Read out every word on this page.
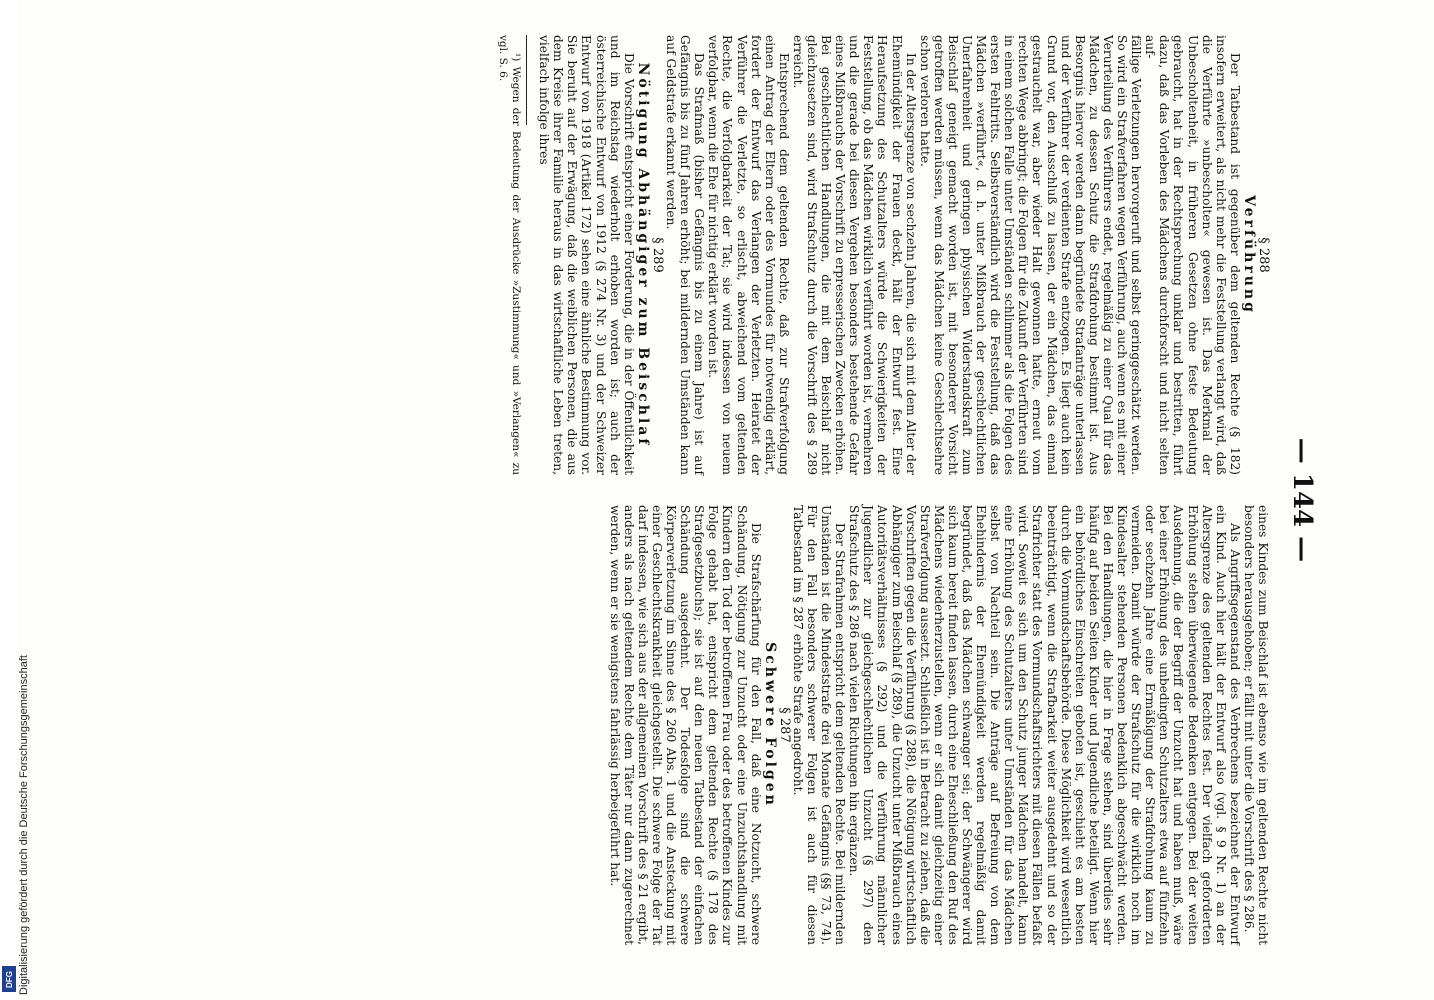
— 144 —

§ 288

Verführung

Der Tatbestand ist gegenüber dem geltenden Rechte (§ 182) insofern erweitert, als nicht mehr die Feststellung verlangt wird, daß die Verführte »unbescholten« gewesen ist. Das Merkmal der Unbescholtenheit, in früheren Gesetzen ohne feste Bedeutung gebraucht, hat in der Rechtsprechung unklar und bestritten, führt dazu, daß das Vorleben des Mädchens durchforscht und nicht selten auf-

fällige Verletzungen hervorgeruft und selbst geringgeschätzt werden. So wird ein Strafverfahren wegen Verführung, auch wenn es mit einer Verurteilung des Verführers endet, regelmäßig zu einer Qual für das Mädchen, zu dessen Schutz die Strafdrohung bestimmt ist. Aus Besorgnis hiervor werden dann begründete Strafanträge unterlassen und der Verführer der verdienten Strafe entzogen. Es liegt auch kein Grund vor, den Ausschluß zu lassen, der ein Mädchen, das einmal gestrauchelt war, aber wieder Halt gewonnen hatte, erneut vom rechten Wege abbringt; die Folgen für die Zukunft der Verführten sind in einem solchen Falle unter Umständen schlimmer als die Folgen des ersten Fehltritts. Selbstverständlich wird die Feststellung, daß das Mädchen »verführt«, d. h. unter Mißbrauch der geschlechtlichen Unerfahrenheit und geringen physischen Widerstandskraft zum Beischlaf geneigt gemacht worden ist, mit besonderer Vorsicht getroffen werden müssen, wenn das Mädchen keine Geschlechtsehre schon verloren hatte.

In der Altersgrenze von sechzehn Jahren, die sich mit dem Alter der Ehemündigkeit der Frauen deckt, hält der Entwurf fest. Eine Heraufsetzung des Schutzalters würde die Schwierigkeiten der Feststellung, ob das Mädchen wirklich verführt worden ist, vermehren und die gerade bei diesen Vergehen besonders bestehende Gefahr eines Mißbrauchs der Vorschrift zu erpresserischen Zwecken erhöhen. Bei geschlechtlichen Handlungen, die mit dem Beischlaf nicht gleichzusetzen sind, wird Strafschutz durch die Vorschrift des § 289 erreicht.

Entsprechend dem geltenden Rechte, daß zur Strafverfolgung einen Antrag der Eltern oder des Vormundes für notwendig erklärt, fordert der Entwurf das Verlangen der Verletzten. Heiratet der Verführer die Verletzte, so erlischt, abweichend vom geltenden Rechte, die Verfolgbarkeit der Tat; sie wird indessen von neuem verfolgbar, wenn die Ehe für nichtig erklärt worden ist.

Das Strafmaß (bisher Gefängnis bis zu einem Jahre) ist auf Gefängnis bis zu fünf Jahren erhöht; bei mildernden Umständen kann auf Geldstrafe erkannt werden.

§ 289

Nötigung Abhängiger zum Beischlaf

Die Vorschrift entspricht einer Forderung, die in der Öffentlichkeit und im Reichstag wiederholt erhoben worden ist; auch der österreichische Entwurf von 1912 (§ 274 Nr. 3) und der Schweizer Entwurf von 1918 (Artikel 172) sehen eine ähnliche Bestimmung vor. Sie beruht auf der Erwägung, daß die weiblichen Personen, die aus dem Kreise ihrer Familie heraus in das wirtschaftliche Leben treten, vielfach infolge ihres

¹) Wegen der Bedeutung der Ausdrücke »Zustimmung« und »Verlangen« zu vgl. S. 6.

eines Kindes zum Beischlaf ist ebenso wie im geltenden Rechte nicht besonders herausgehoben; er fällt mit unter die Vorschrift des § 286.

Als Angriffsgegenstand des Verbrechens bezeichnet der Entwurf ein Kind. Auch hier hält der Entwurf also (vgl. § 9 Nr. 1) an der Altersgrenze des geltenden Rechtes fest. Der vielfach geforderten Erhöhung stehen überwiegende Bedenken entgegen. Bei der weiten Ausdehnung, die der Begriff der Unzucht hat und haben muß, wäre bei einer Erhöhung des unbedingten Schutzalters etwa auf fünfzehn oder sechzehn Jahre eine Ermäßigung der Strafdrohung kaum zu vermeiden. Damit würde der Strafschutz für die wirklich noch im Kindesalter stehenden Personen bedenklich abgeschwächt werden. Bei den Handlungen, die hier in Frage stehen, sind überdies sehr häufig auf beiden Seiten Kinder und Jugendliche beteiligt. Wenn hier ein behördliches Einschreiten geboten ist, geschieht es am besten durch die Vormundschaftsbehörde. Diese Möglichkeit wird wesentlich beeinträchtigt, wenn die Strafbarkeit weiter ausgedehnt und so der Strafrichter statt des Vormundschaftsrichters mit diesen Fällen befaßt wird. Soweit es sich um den Schutz junger Mädchen handelt, kann eine Erhöhung des Schutzalters unter Umständen für das Mädchen selbst von Nachteil sein. Die Anträge auf Befreiung von dem Ehehindernis der Ehemündigkeit werden regelmäßig damit begründet, daß das Mädchen schwanger sei; der Schwängerer wird sich kaum bereit finden lassen, durch eine Eheschließung den Ruf des Mädchens wiederherzustellen, wenn er sich damit gleichzeitig einer Strafverfolgung aussetzt. Schließlich ist in Betracht zu ziehen, daß die Vorschriften gegen die Verführung (§ 288), die Nötigung wirtschaftlich Abhängiger zum Beischlaf (§ 289), die Unzucht unter Mißbrauch eines Autoritätsverhältnisses (§ 292) und die Verführung männlicher Jugendlicher zur gleichgeschlechtlichen Unzucht (§ 297) den Strafschutz des § 286 nach vielen Richtungen hin ergänzen.

Der Strafrahmen entspricht dem geltenden Rechte. Bei mildernden Umständen ist die Mindeststrafe drei Monate Gefängnis (§§ 73, 74). Für den Fall besonders schwerer Folgen ist auch für diesen Tatbestand im § 287 erhöhte Strafe angedroht.

§ 287

Schwere Folgen

Die Strafschärfung für den Fall, daß eine Notzucht, schwere Schändung, Nötigung zur Unzucht oder eine Unzuchtshandlung mit Kindern den Tod der betroffenen Frau oder des betroffenen Kindes zur Folge gehabt hat, entspricht dem geltenden Rechte (§ 178 des Strafgesetzbuchs); sie ist auf den neuen Tatbestand der einfachen Schändung ausgedehnt. Der Todesfolge sind die schwere Körperverletzung im Sinne des § 260 Abs. 1 und die Ansteckung mit einer Geschlechtskrankheit gleichgestellt. Die schwere Folge der Tat darf indessen, wie sich aus der allgemeinen Vorschrift des § 21 ergibt, anders als nach geltendem Rechte dem Täter nur dann zugerechnet werden, wenn er sie wenigstens fahrlässig herbeigeführt hat.

Digitalisierung gefördert durch die Deutsche Forschungsgemeinschaft
DFG
